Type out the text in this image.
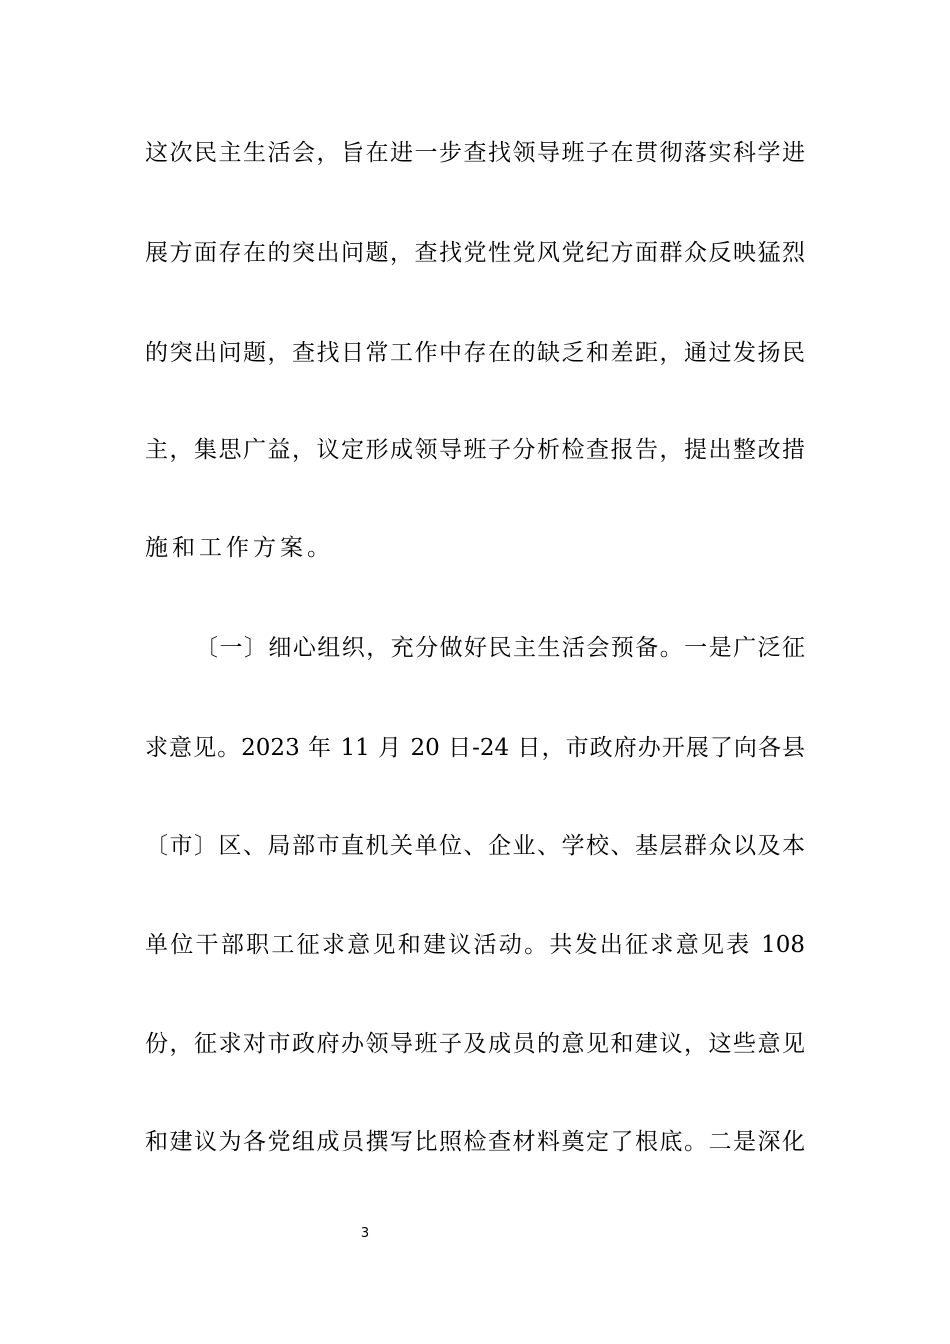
这次民主生活会，旨在进一步查找领导班子在贯彻落实科学进
展方面存在的突出问题，查找党性党风党纪方面群众反映猛烈
的突出问题，查找日常工作中存在的缺乏和差距，通过发扬民
主，集思广益，议定形成领导班子分析检查报告，提出整改措
施和工作方案。
〔一〕细心组织，充分做好民主生活会预备。一是广泛征
求意见。2023 年 11 月 20 日-24 日，市政府办开展了向各县
〔市〕区、局部市直机关单位、企业、学校、基层群众以及本
单位干部职工征求意见和建议活动。共发出征求意见表 108
份，征求对市政府办领导班子及成员的意见和建议，这些意见
和建议为各党组成员撰写比照检查材料奠定了根底。二是深化
3
